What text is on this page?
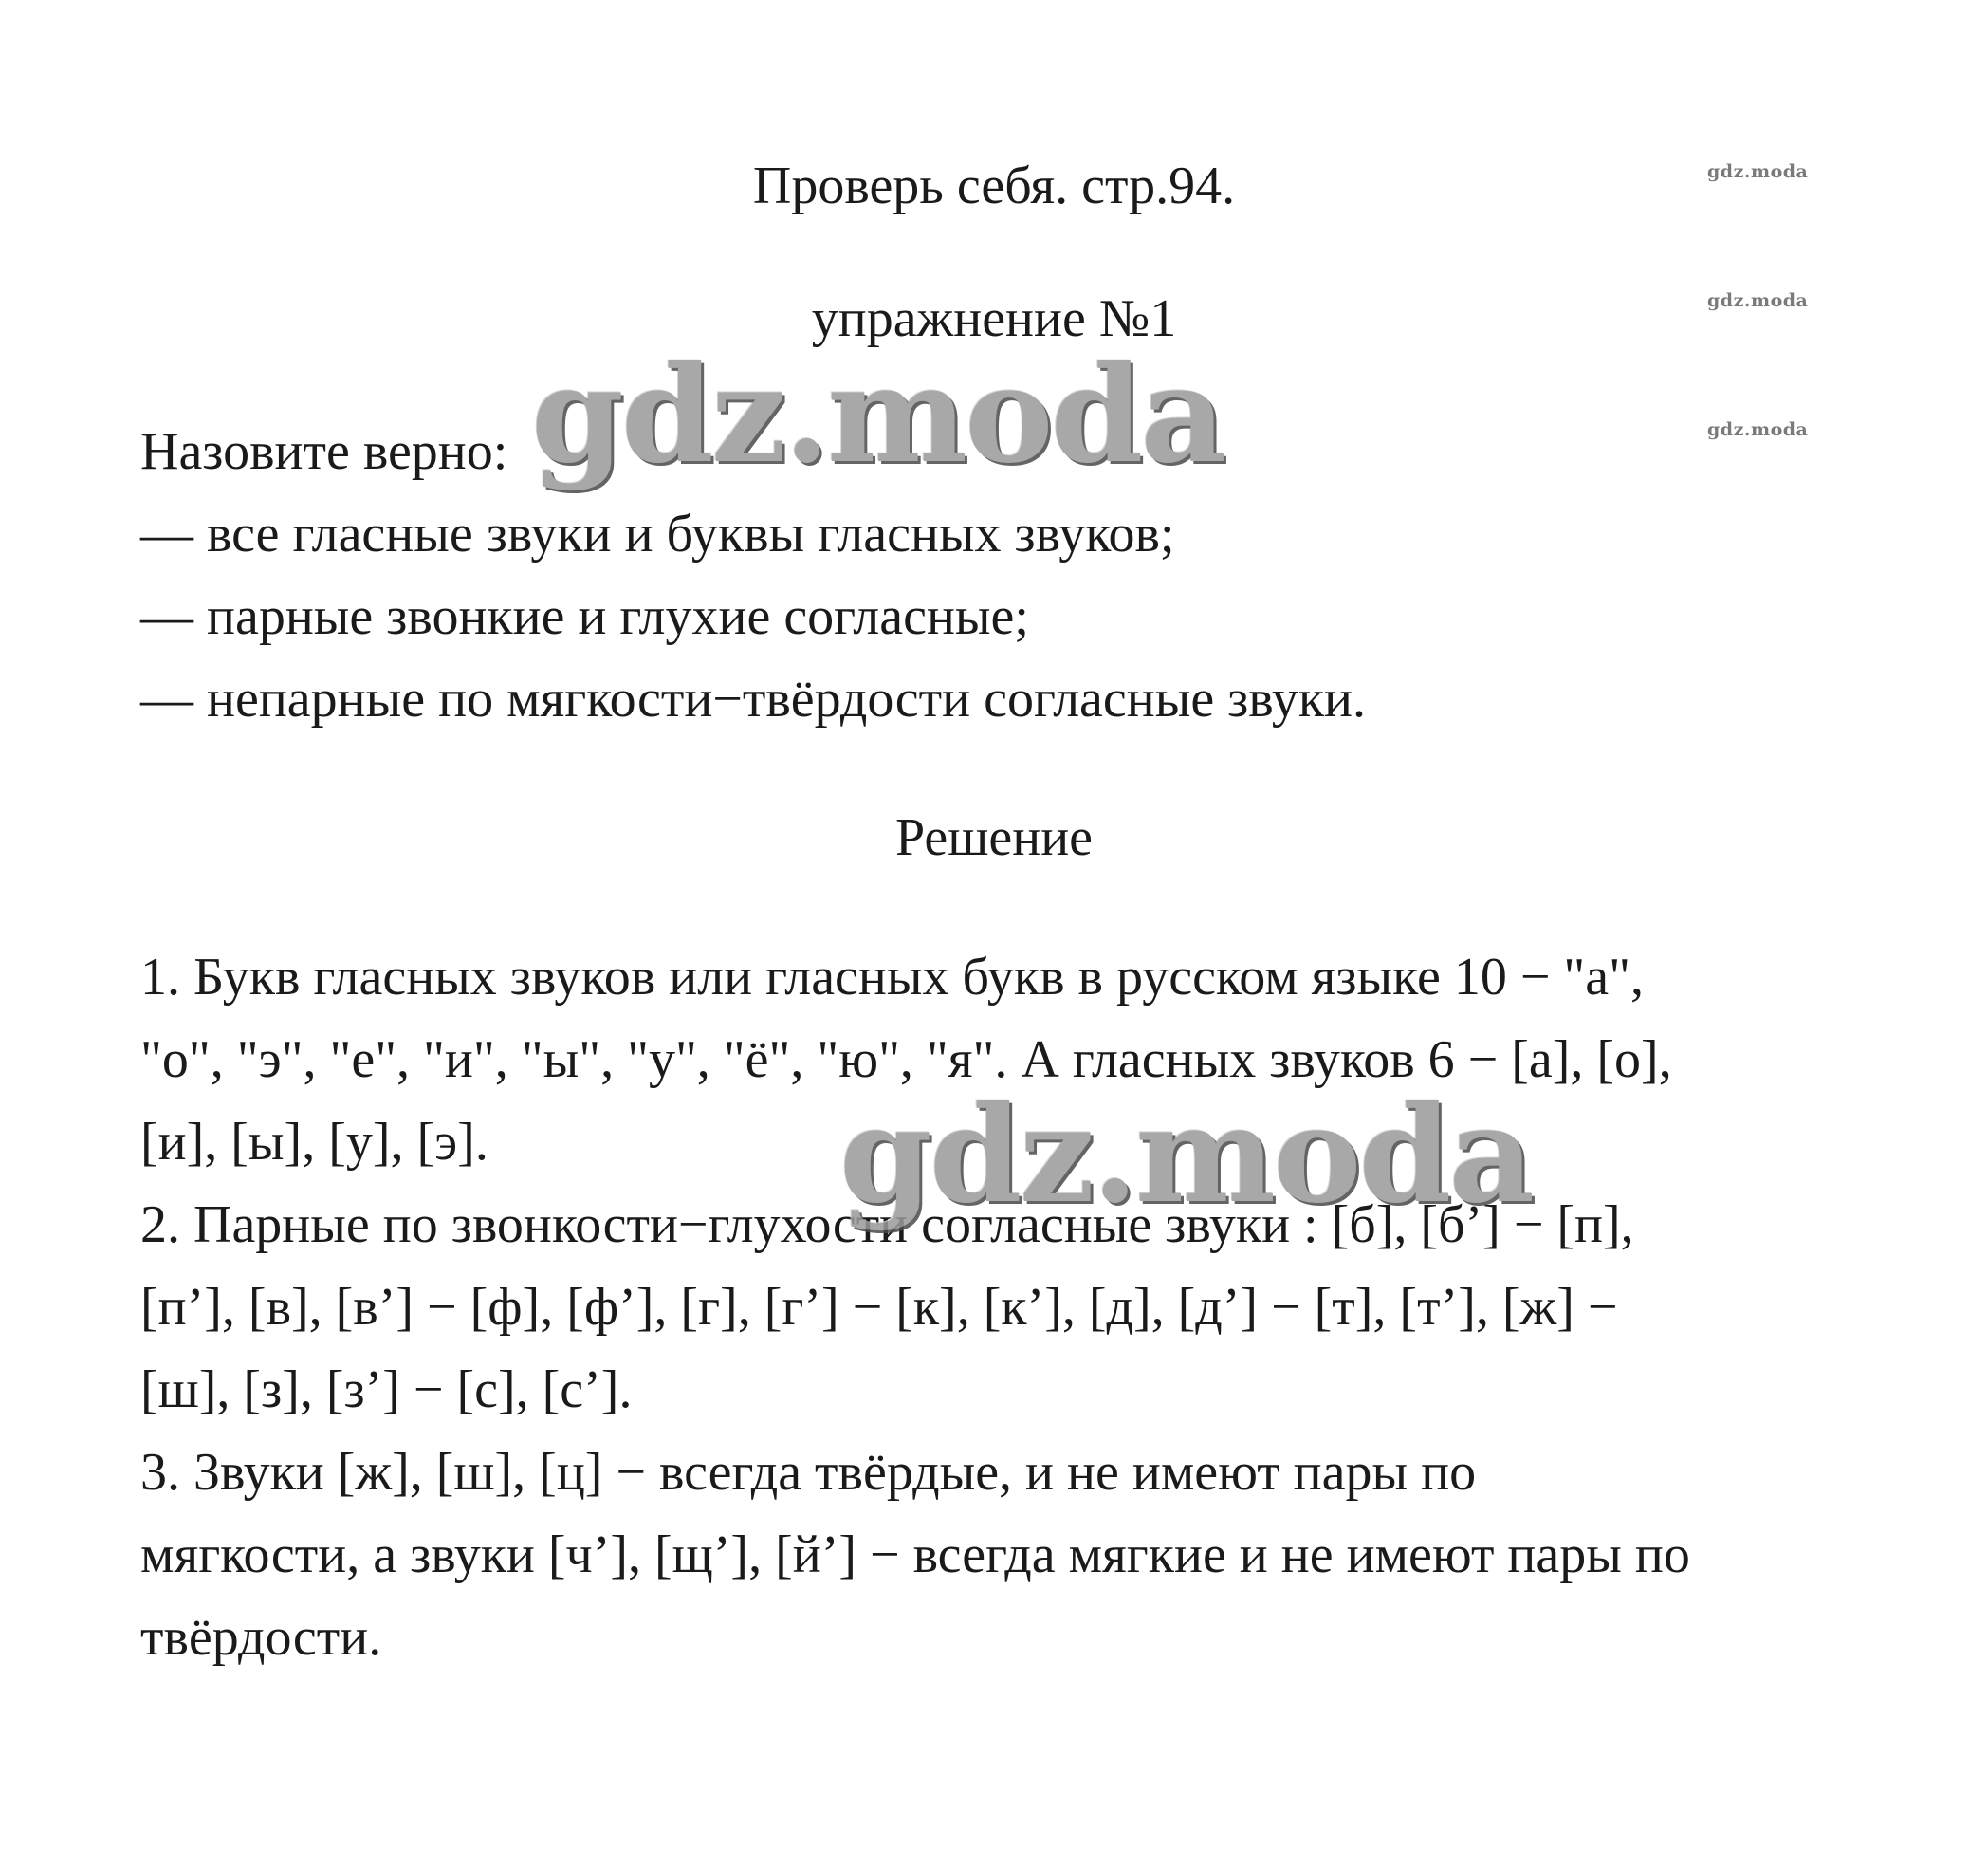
Проверь себя. стр.94.
упражнение №1
Назовите верно:
— все гласные звуки и буквы гласных звуков;
— парные звонкие и глухие согласные;
— непарные по мягкости−твёрдости согласные звуки.
Решение
1. Букв гласных звуков или гласных букв в русском языке 10 − "а",
"о", "э", "е", "и", "ы", "у", "ё", "ю", "я". А гласных звуков 6 − [а], [о],
[и], [ы], [у], [э].
2. Парные по звонкости−глухости согласные звуки : [б], [б’] − [п],
[п’], [в], [в’] − [ф], [ф’], [г], [г’] − [к], [к’], [д], [д’] − [т], [т’], [ж] −
[ш], [з], [з’] − [с], [с’].
3. Звуки [ж], [ш], [ц] − всегда твёрдые, и не имеют пары по
мягкости, а звуки [ч’], [щ’], [й’] − всегда мягкие и не имеют пары по
твёрдости.
gdz.moda
gdz.moda
gdz.moda
gdz.moda
gdz.moda
